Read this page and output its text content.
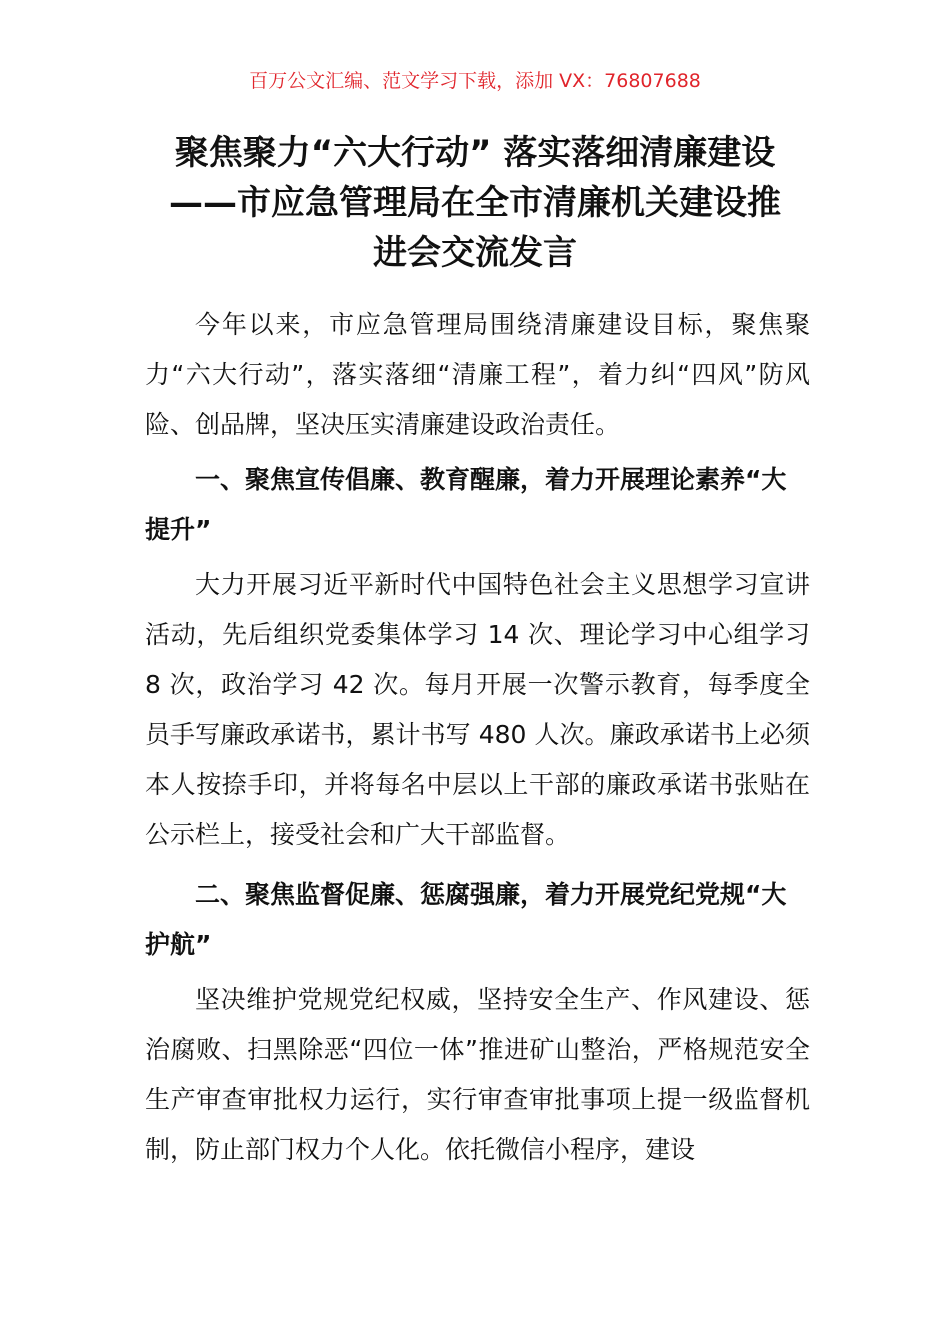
百万公文汇编、范文学习下载，添加 VX：76807688
聚焦聚力“六大行动” 落实落细清廉建设
——市应急管理局在全市清廉机关建设推
进会交流发言
今年以来，市应急管理局围绕清廉建设目标，聚焦聚力“六大行动”，落实落细“清廉工程”，着力纠“四风”防风险、创品牌，坚决压实清廉建设政治责任。
一、聚焦宣传倡廉、教育醒廉，着力开展理论素养“大提升”
大力开展习近平新时代中国特色社会主义思想学习宣讲活动，先后组织党委集体学习 14 次、理论学习中心组学习 8 次，政治学习 42 次。每月开展一次警示教育，每季度全员手写廉政承诺书，累计书写 480 人次。廉政承诺书上必须本人按捺手印，并将每名中层以上干部的廉政承诺书张贴在公示栏上，接受社会和广大干部监督。
二、聚焦监督促廉、惩腐强廉，着力开展党纪党规“大护航”
坚决维护党规党纪权威，坚持安全生产、作风建设、惩治腐败、扫黑除恶“四位一体”推进矿山整治，严格规范安全生产审查审批权力运行，实行审查审批事项上提一级监督机制，防止部门权力个人化。依托微信小程序，建设
